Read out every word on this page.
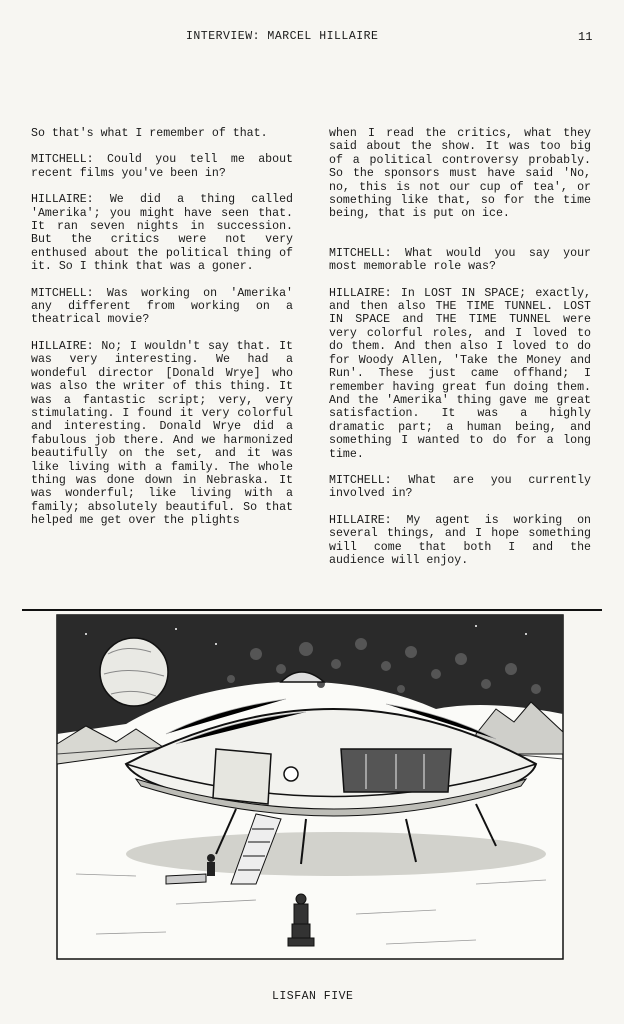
INTERVIEW: MARCEL HILLAIRE	11

So that's what I remember of that.

MITCHELL: Could you tell me about recent films you've been in?

HILLAIRE: We did a thing called 'Amerika'; you might have seen that. It ran seven nights in succession. But the critics were not very enthused about the political thing of it. So I think that was a goner.

MITCHELL: Was working on 'Amerika' any different from working on a theatrical movie?

HILLAIRE: No; I wouldn't say that. It was very interesting. We had a wondeful director [Donald Wrye] who was also the writer of this thing. It was a fantastic script; very, very stimulating. I found it very colorful and interesting. Donald Wrye did a fabulous job there. And we harmonized beautifully on the set, and it was like living with a family. The whole thing was done down in Nebraska. It was wonderful; like living with a family; absolutely beautiful. So that helped me get over the plights

when I read the critics, what they said about the show. It was too big of a political controversy probably. So the sponsors must have said 'No, no, this is not our cup of tea', or something like that, so for the time being, that is put on ice.

MITCHELL: What would you say your most memorable role was?

HILLAIRE: In LOST IN SPACE; exactly, and then also THE TIME TUNNEL. LOST IN SPACE and THE TIME TUNNEL were very colorful roles, and I loved to do them. And then also I loved to do for Woody Allen, 'Take the Money and Run'. These just came offhand; I remember having great fun doing them. And the 'Amerika' thing gave me great satisfaction. It was a highly dramatic part; a human being, and something I wanted to do for a long time.

MITCHELL: What are you currently involved in?

HILLAIRE: My agent is working on several things, and I hope something will come that both I and the audience will enjoy.

LISFAN FIVE
